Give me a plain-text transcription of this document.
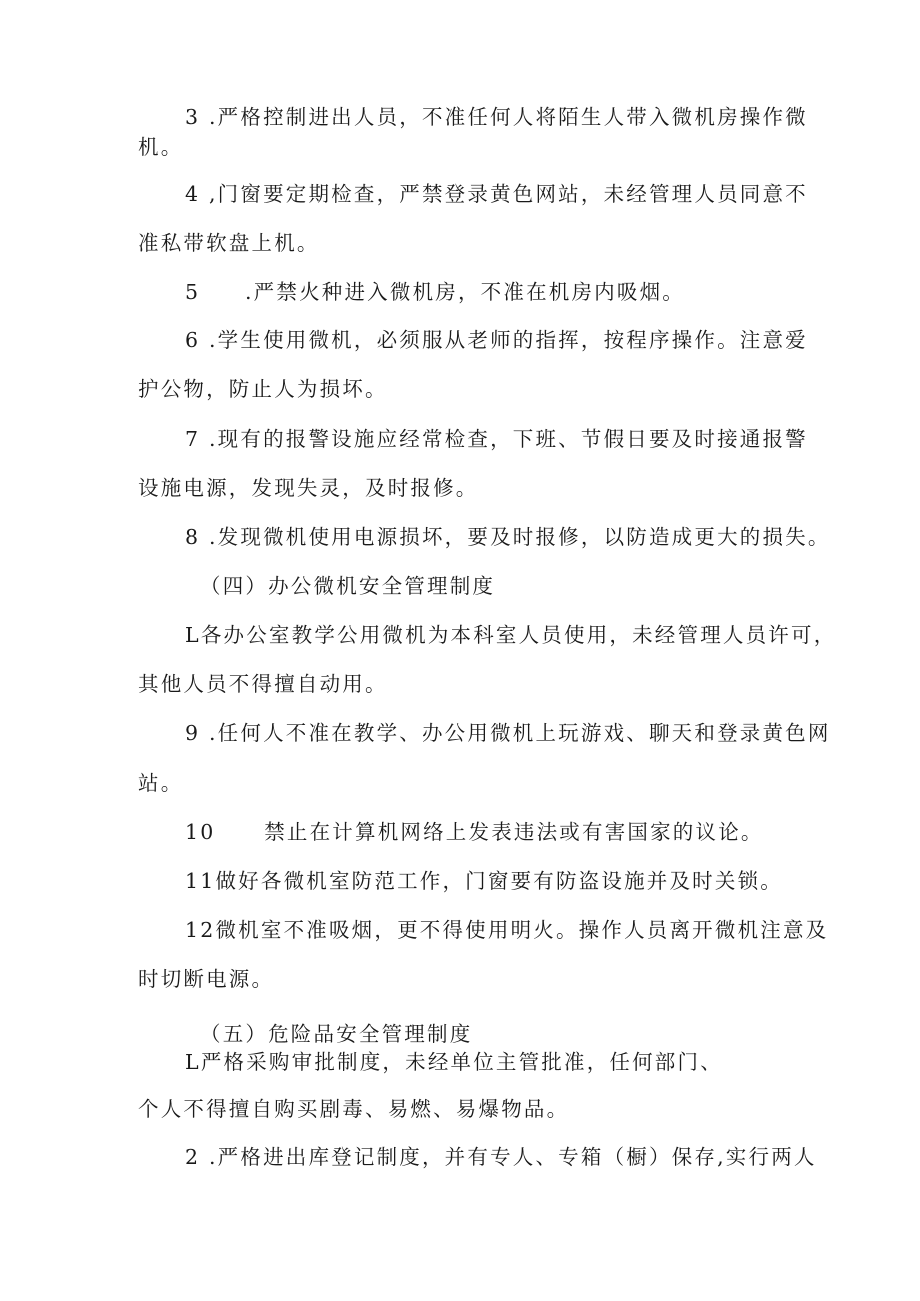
3 .严格控制进出人员，不准任何人将陌生人带入微机房操作微
机。
4 ,门窗要定期检查，严禁登录黄色网站，未经管理人员同意不
准私带软盘上机。
5 .严禁火种进入微机房，不准在机房内吸烟。
6 .学生使用微机，必须服从老师的指挥，按程序操作。注意爱
护公物，防止人为损坏。
7 .现有的报警设施应经常检查，下班、节假日要及时接通报警
设施电源，发现失灵，及时报修。
8 .发现微机使用电源损坏，要及时报修，以防造成更大的损失。
（四）办公微机安全管理制度
L各办公室教学公用微机为本科室人员使用，未经管理人员许可，
其他人员不得擅自动用。
9 .任何人不准在教学、办公用微机上玩游戏、聊天和登录黄色网
站。
10 禁止在计算机网络上发表违法或有害国家的议论。
11做好各微机室防范工作，门窗要有防盗设施并及时关锁。
12微机室不准吸烟，更不得使用明火。操作人员离开微机注意及
时切断电源。
（五）危险品安全管理制度
L严格采购审批制度，未经单位主管批准，任何部门、
个人不得擅自购买剧毒、易燃、易爆物品。
2 .严格进出库登记制度，并有专人、专箱（橱）保存,实行两人
